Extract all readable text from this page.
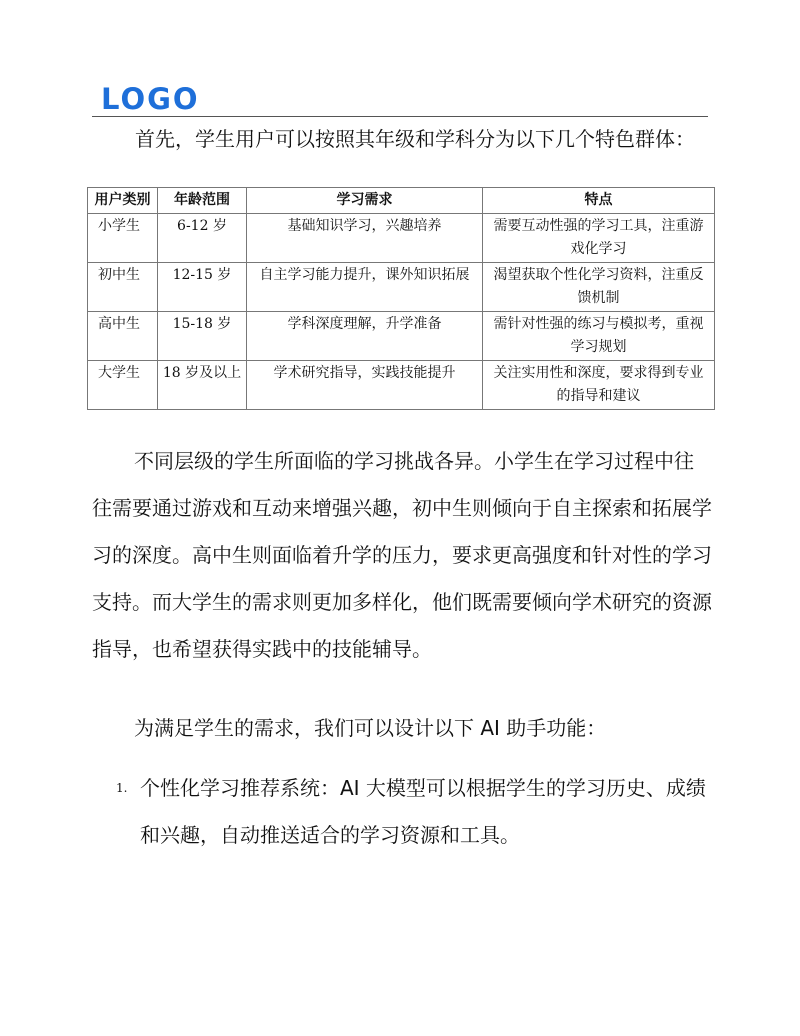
LOGO
首先，学生用户可以按照其年级和学科分为以下几个特色群体：
用户类别	年龄范围	学习需求	特点
小学生	6-12 岁	基础知识学习，兴趣培养	需要互动性强的学习工具，注重游戏化学习
初中生	12-15 岁	自主学习能力提升，课外知识拓展	渴望获取个性化学习资料，注重反馈机制
高中生	15-18 岁	学科深度理解，升学准备	需针对性强的练习与模拟考，重视学习规划
大学生	18 岁及以上	学术研究指导，实践技能提升	关注实用性和深度，要求得到专业的指导和建议
不同层级的学生所面临的学习挑战各异。小学生在学习过程中往往需要通过游戏和互动来增强兴趣，初中生则倾向于自主探索和拓展学习的深度。高中生则面临着升学的压力，要求更高强度和针对性的学习支持。而大学生的需求则更加多样化，他们既需要倾向学术研究的资源指导，也希望获得实践中的技能辅导。
为满足学生的需求，我们可以设计以下 AI 助手功能：
1. 个性化学习推荐系统：AI 大模型可以根据学生的学习历史、成绩和兴趣，自动推送适合的学习资源和工具。
